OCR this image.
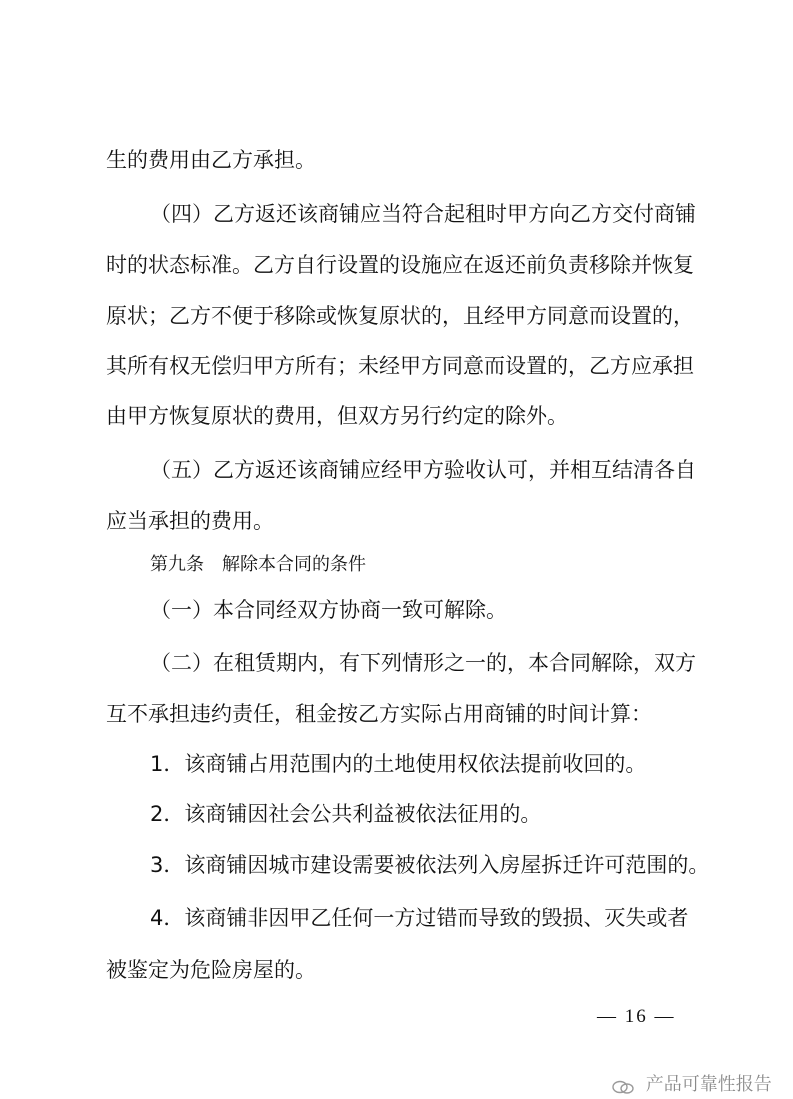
生的费用由乙方承担。
（四）乙方返还该商铺应当符合起租时甲方向乙方交付商铺
时的状态标准。乙方自行设置的设施应在返还前负责移除并恢复
原状；乙方不便于移除或恢复原状的，且经甲方同意而设置的，
其所有权无偿归甲方所有；未经甲方同意而设置的，乙方应承担
由甲方恢复原状的费用，但双方另行约定的除外。
（五）乙方返还该商铺应经甲方验收认可，并相互结清各自
应当承担的费用。
第九条　解除本合同的条件
（一）本合同经双方协商一致可解除。
（二）在租赁期内，有下列情形之一的，本合同解除，双方
互不承担违约责任，租金按乙方实际占用商铺的时间计算：
1．该商铺占用范围内的土地使用权依法提前收回的。
2．该商铺因社会公共利益被依法征用的。
3．该商铺因城市建设需要被依法列入房屋拆迁许可范围的。
4．该商铺非因甲乙任何一方过错而导致的毁损、灭失或者
被鉴定为危险房屋的。
— 16 —
产品可靠性报告
